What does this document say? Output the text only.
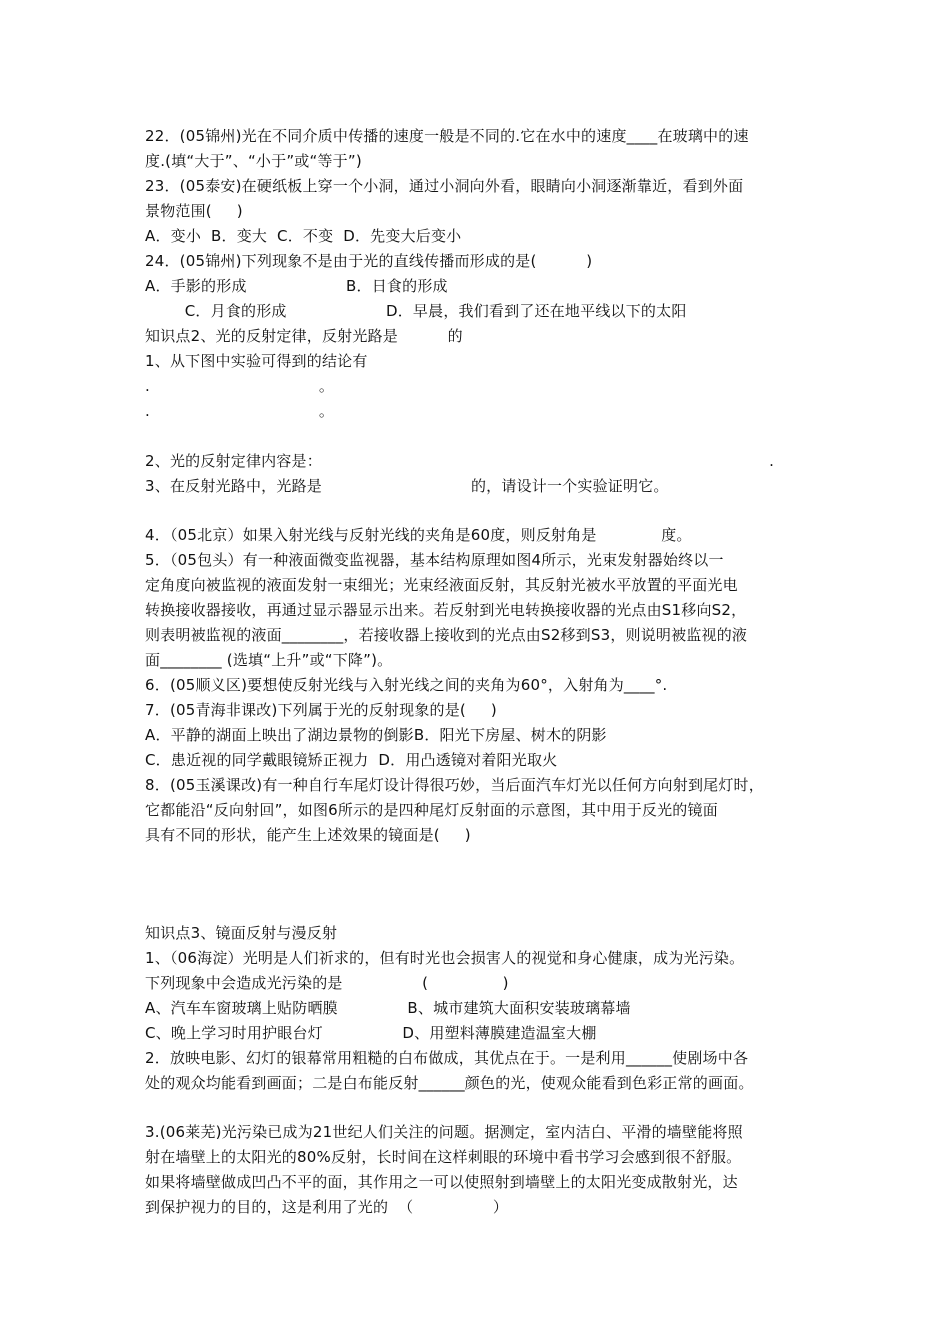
22．(05锦州)光在不同介质中传播的速度一般是不同的.它在水中的速度____在玻璃中的速
度.(填“大于”、“小于”或“等于”)
23．(05泰安)在硬纸板上穿一个小洞，通过小洞向外看，眼睛向小洞逐渐靠近，看到外面
景物范围(     )
A．变小  B．变大  C．不变  D．先变大后变小
24．(05锦州)下列现象不是由于光的直线传播而形成的是(          )
A．手影的形成                    B．日食的形成
C．月食的形成                    D．早晨，我们看到了还在地平线以下的太阳
知识点2、光的反射定律，反射光路是          的
1、从下图中实验可得到的结论有
.                                  。
.                                  。
2、光的反射定律内容是：                                                                                          .
3、在反射光路中，光路是                              的，请设计一个实验证明它。
4．（05北京）如果入射光线与反射光线的夹角是60度，则反射角是             度。
5．（05包头）有一种液面微变监视器，基本结构原理如图4所示，光束发射器始终以一
定角度向被监视的液面发射一束细光；光束经液面反射，其反射光被水平放置的平面光电
转换接收器接收，再通过显示器显示出来。若反射到光电转换接收器的光点由S1移向S2，
则表明被监视的液面________，若接收器上接收到的光点由S2移到S3，则说明被监视的液
面________ (选填“上升”或“下降”)。
6．(05顺义区)要想使反射光线与入射光线之间的夹角为60°，入射角为____°.
7．(05青海非课改)下列属于光的反射现象的是(     )
A．平静的湖面上映出了湖边景物的倒影B．阳光下房屋、树木的阴影
C．患近视的同学戴眼镜矫正视力  D．用凸透镜对着阳光取火
8．(05玉溪课改)有一种自行车尾灯设计得很巧妙，当后面汽车灯光以任何方向射到尾灯时，
它都能沿“反向射回”，如图6所示的是四种尾灯反射面的示意图，其中用于反光的镜面
具有不同的形状，能产生上述效果的镜面是(     )
知识点3、镜面反射与漫反射
1、（06海淀）光明是人们祈求的，但有时光也会损害人的视觉和身心健康，成为光污染。
下列现象中会造成光污染的是                (               )
A、汽车车窗玻璃上贴防晒膜              B、城市建筑大面积安装玻璃幕墙
C、晚上学习时用护眼台灯                D、用塑料薄膜建造温室大棚
2．放映电影、幻灯的银幕常用粗糙的白布做成，其优点在于。一是利用______使剧场中各
处的观众均能看到画面；二是白布能反射______颜色的光，使观众能看到色彩正常的画面。
3.(06莱芜)光污染已成为21世纪人们关注的问题。据测定，室内洁白、平滑的墙壁能将照
射在墙壁上的太阳光的80%反射，长时间在这样刺眼的环境中看书学习会感到很不舒服。
如果将墙壁做成凹凸不平的面，其作用之一可以使照射到墙壁上的太阳光变成散射光，达
到保护视力的目的，这是利用了光的  （                ）
